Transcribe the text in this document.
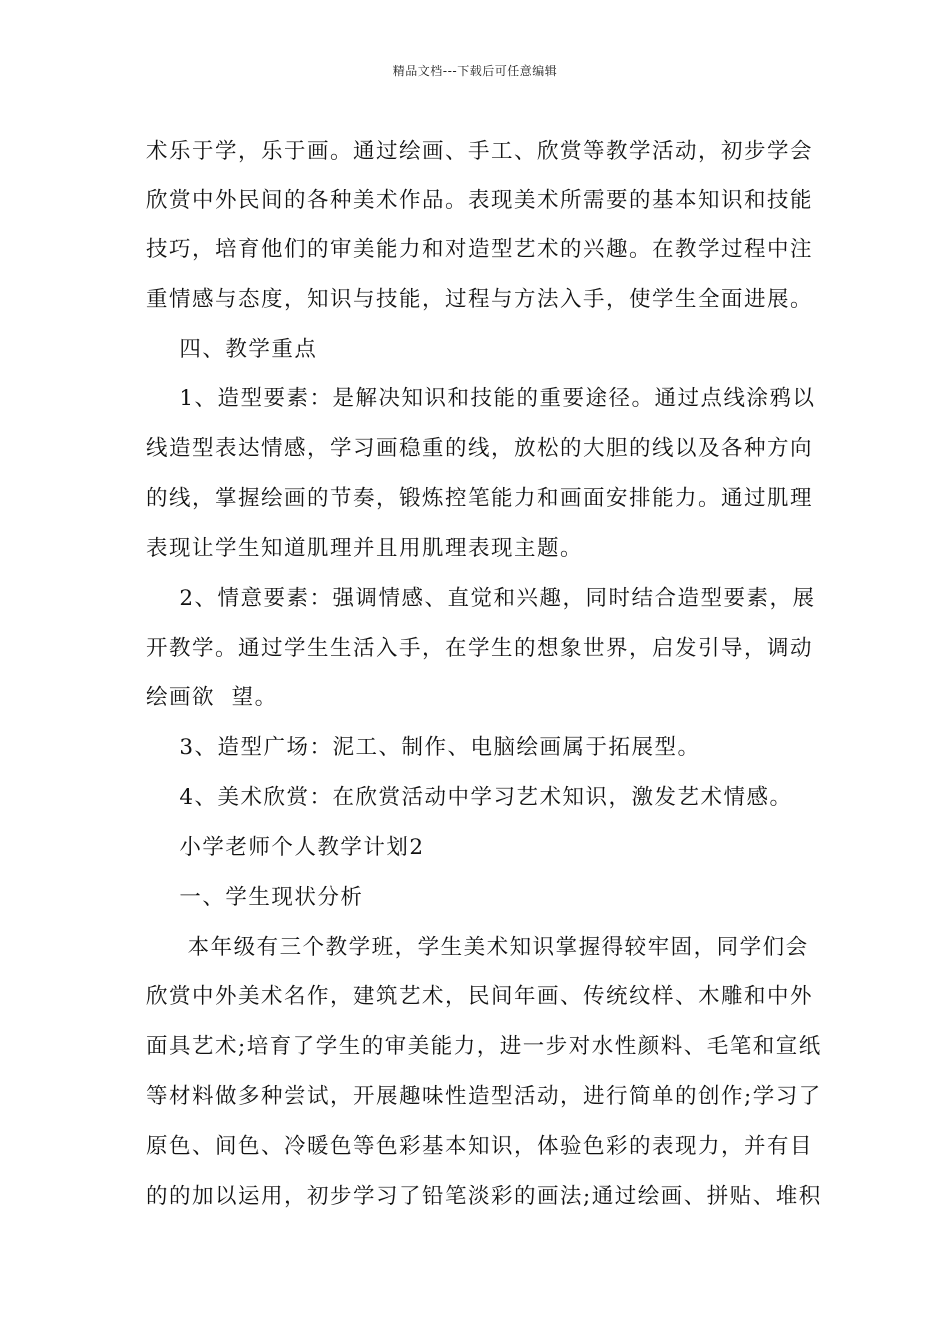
精品文档---下载后可任意编辑
术乐于学，乐于画。通过绘画、手工、欣赏等教学活动，初步学会
欣赏中外民间的各种美术作品。表现美术所需要的基本知识和技能
技巧，培育他们的审美能力和对造型艺术的兴趣。在教学过程中注
重情感与态度，知识与技能，过程与方法入手，使学生全面进展。
四、教学重点
1、造型要素：是解决知识和技能的重要途径。通过点线涂鸦以
线造型表达情感，学习画稳重的线，放松的大胆的线以及各种方向
的线，掌握绘画的节奏，锻炼控笔能力和画面安排能力。通过肌理
表现让学生知道肌理并且用肌理表现主题。
2、情意要素：强调情感、直觉和兴趣，同时结合造型要素，展
开教学。通过学生生活入手，在学生的想象世界，启发引导，调动
绘画欲  望。
3、造型广场：泥工、制作、电脑绘画属于拓展型。
4、美术欣赏：在欣赏活动中学习艺术知识，激发艺术情感。
小学老师个人教学计划2
一、学生现状分析
本年级有三个教学班，学生美术知识掌握得较牢固，同学们会
欣赏中外美术名作，建筑艺术，民间年画、传统纹样、木雕和中外
面具艺术;培育了学生的审美能力，进一步对水性颜料、毛笔和宣纸
等材料做多种尝试，开展趣味性造型活动，进行简单的创作;学习了
原色、间色、冷暖色等色彩基本知识，体验色彩的表现力，并有目
的的加以运用，初步学习了铅笔淡彩的画法;通过绘画、拼贴、堆积
